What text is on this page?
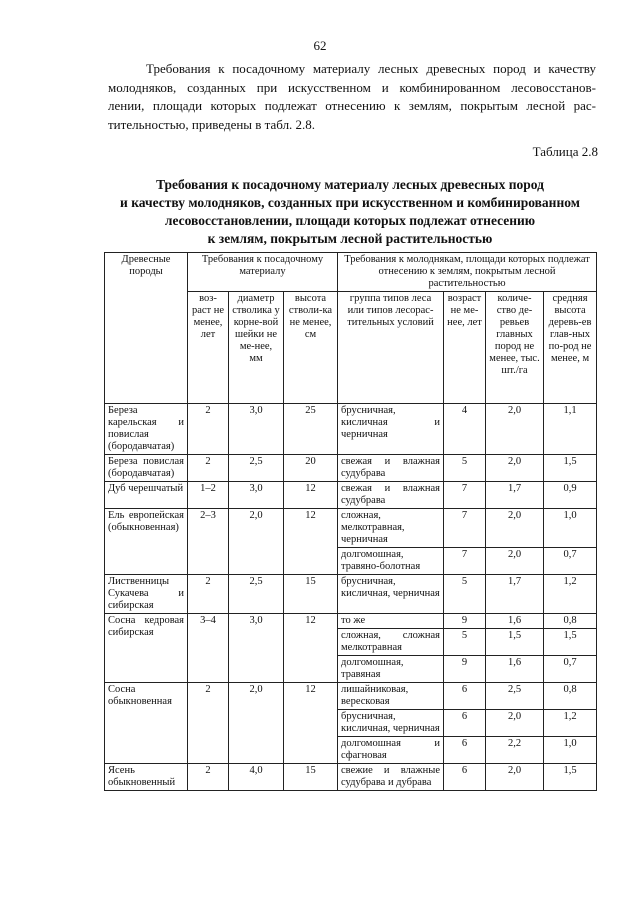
62

Требования к посадочному материалу лесных древесных пород и качеству

молодняков, созданных при искусственном и комбинированном лесовосстанов-

лении, площади которых подлежат отнесению к землям, покрытым лесной рас-

тительностью, приведены в табл. 2.8.

Таблица 2.8
Требования к посадочному материалу лесных древесных пород
и качеству молодняков, созданных при искусственном и комбинированном
лесовосстановлении, площади которых подлежат отнесению
к землям, покрытым лесной растительностью
Древесные породы	Требования к посадочному материалу			Требования к молоднякам, площади которых подлежат отнесению к землям, покрытым лесной растительностью			
	воз-раст не менее, лет	диаметр стволика у корне-вой шейки не ме-нее, мм	высота стволи-ка не менее, см	группа типов леса или типов лесорас-тительных условий	возраст не ме-нее, лет	количе-ство де-ревьев главных пород не менее, тыс. шт./га	средняя высота деревь-ев глав-ных по-род не менее, м
Береза карельская и повислая (бородавчатая)	2	3,0	25	брусничная, кисличная и черничная	4	2,0	1,1
Береза повислая (бородавчатая)	2	2,5	20	свежая и влажная судубрава	5	2,0	1,5
Дуб черешчатый	1–2	3,0	12	свежая и влажная судубрава	7	1,7	0,9
Ель европейская (обыкновенная)	2–3	2,0	12	сложная, мелкотравная, черничная	7	2,0	1,0
				долгомошная, травяно-болотная	7	2,0	0,7
Лиственницы Сукачева и сибирская	2	2,5	15	брусничная, кисличная, черничная	5	1,7	1,2
Сосна кедровая сибирская	3–4	3,0	12	то же	9	1,6	0,8
				сложная, сложная мелкотравная	5	1,5	1,5
				долгомошная, травяная	9	1,6	0,7
Сосна обыкновенная	2	2,0	12	лишайниковая, вересковая	6	2,5	0,8
				брусничная, кисличная, черничная	6	2,0	1,2
				долгомошная и сфагновая	6	2,2	1,0
Ясень обыкновенный	2	4,0	15	свежие и влажные судубрава и дубрава	6	2,0	1,5
